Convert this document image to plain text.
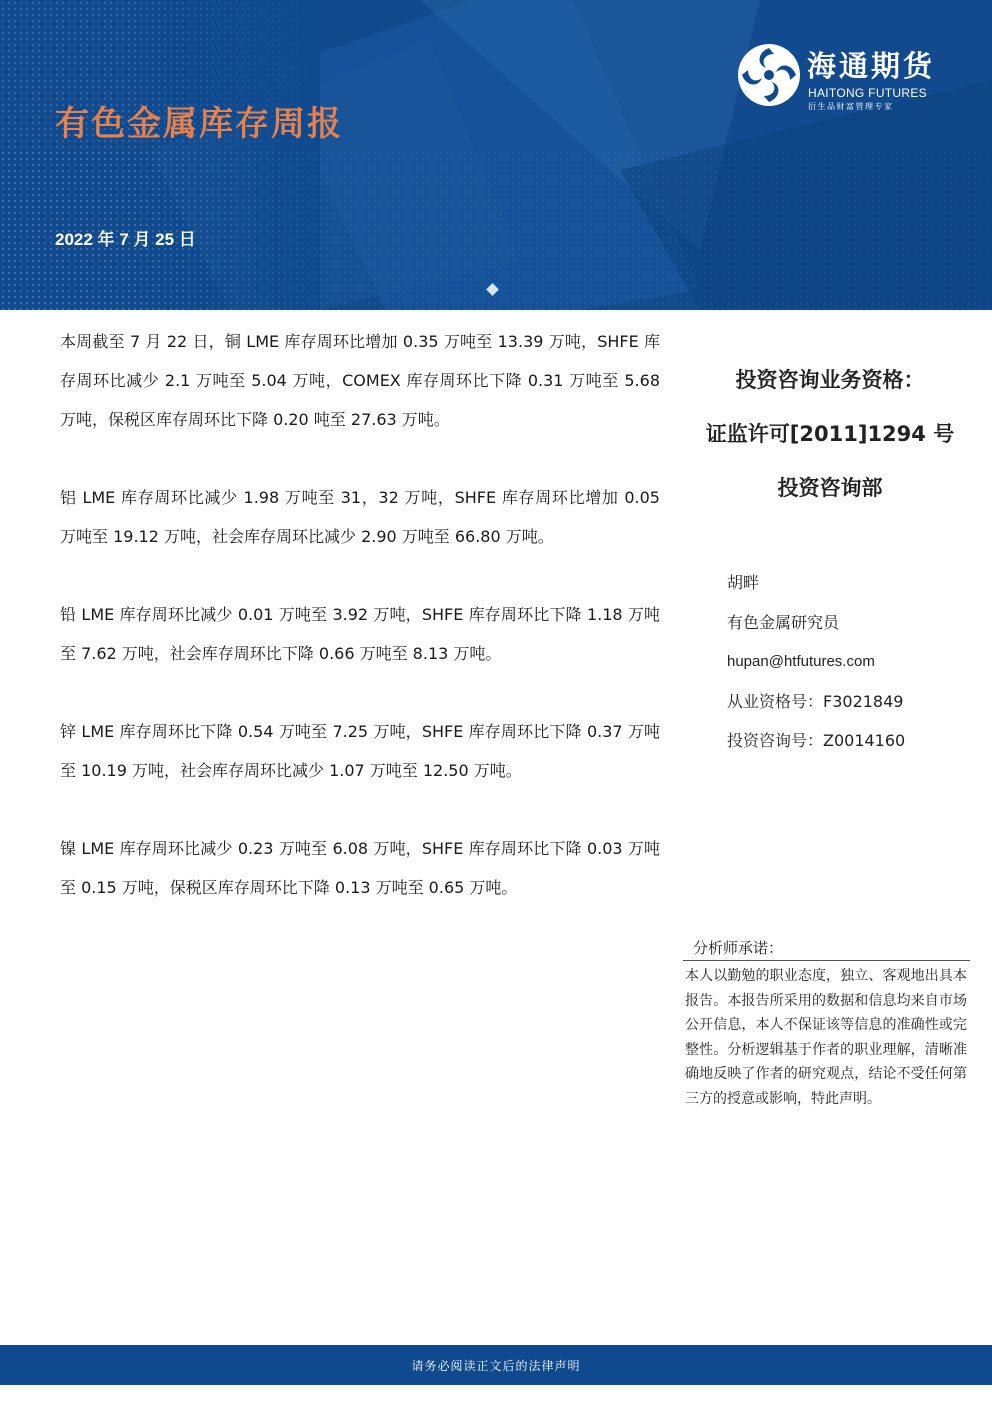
有色金属库存周报
2022 年 7 月 25 日
海通期货
HAITONG FUTURES
衍生品财富管理专家

本周截至 7 月 22 日，铜 LME 库存周环比增加 0.35 万吨至 13.39 万吨，SHFE 库存周环比减少 2.1 万吨至 5.04 万吨，COMEX 库存周环比下降 0.31 万吨至 5.68 万吨，保税区库存周环比下降 0.20 吨至 27.63 万吨。

铝 LME 库存周环比减少 1.98 万吨至 31，32 万吨，SHFE 库存周环比增加 0.05 万吨至 19.12 万吨，社会库存周环比减少 2.90 万吨至 66.80 万吨。

铅 LME 库存周环比减少 0.01 万吨至 3.92 万吨，SHFE 库存周环比下降 1.18 万吨至 7.62 万吨，社会库存周环比下降 0.66 万吨至 8.13 万吨。

锌 LME 库存周环比下降 0.54 万吨至 7.25 万吨，SHFE 库存周环比下降 0.37 万吨至 10.19 万吨，社会库存周环比减少 1.07 万吨至 12.50 万吨。

镍 LME 库存周环比减少 0.23 万吨至 6.08 万吨，SHFE 库存周环比下降 0.03 万吨至 0.15 万吨，保税区库存周环比下降 0.13 万吨至 0.65 万吨。

投资咨询业务资格：
证监许可[2011]1294 号
投资咨询部
胡畔
有色金属研究员
hupan@htfutures.com
从业资格号：F3021849
投资咨询号：Z0014160
分析师承诺：
本人以勤勉的职业态度，独立、客观地出具本报告。本报告所采用的数据和信息均来自市场公开信息，本人不保证该等信息的准确性或完整性。分析逻辑基于作者的职业理解，清晰准确地反映了作者的研究观点，结论不受任何第三方的授意或影响，特此声明。
请务必阅读正文后的法律声明
